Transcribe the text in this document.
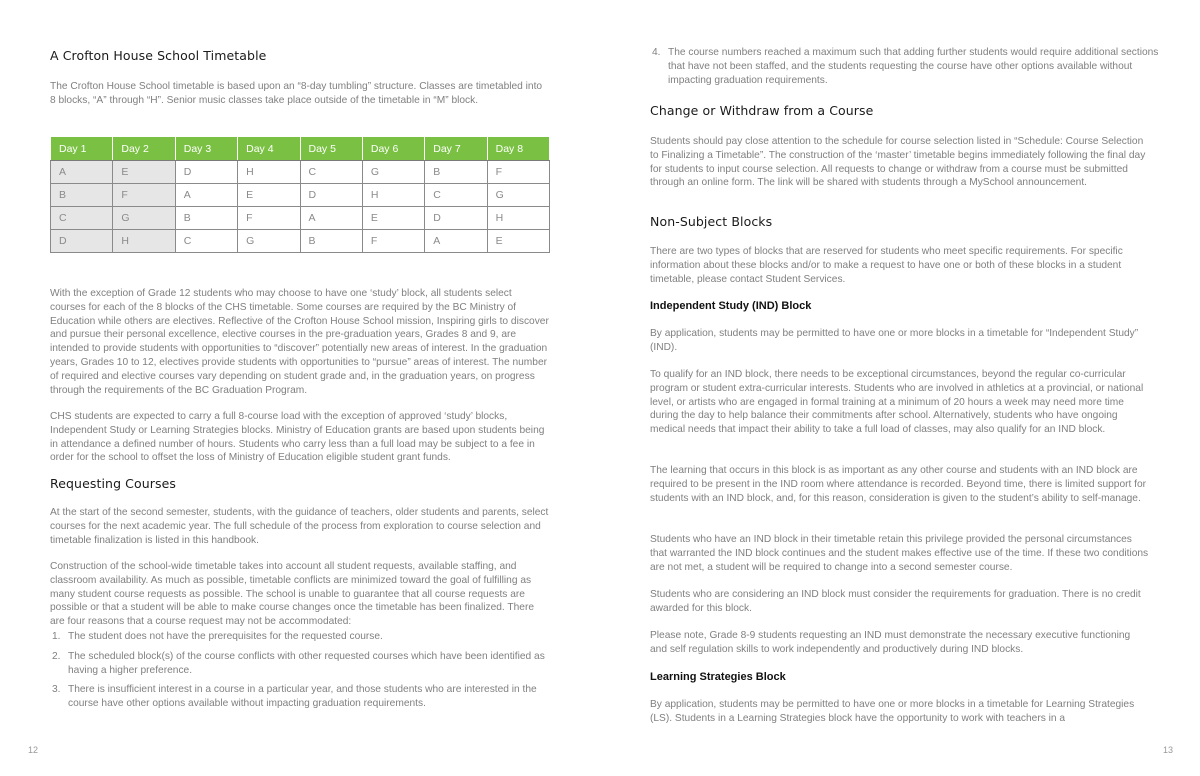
A Crofton House School Timetable

The Crofton House School timetable is based upon an “8-day tumbling” structure. Classes are timetabled into 8 blocks, “A” through “H”. Senior music classes take place outside of the timetable in “M” block.

Day 1	Day 2	Day 3	Day 4	Day 5	Day 6	Day 7	Day 8
A	E	D	H	C	G	B	F
B	F	A	E	D	H	C	G
C	G	B	F	A	E	D	H
D	H	C	G	B	F	A	E

With the exception of Grade 12 students who may choose to have one ‘study’ block, all students select courses for each of the 8 blocks of the CHS timetable. Some courses are required by the BC Ministry of Education while others are electives. Reflective of the Crofton House School mission, Inspiring girls to discover and pursue their personal excellence, elective courses in the pre-graduation years, Grades 8 and 9, are intended to provide students with opportunities to “discover” potentially new areas of interest. In the graduation years, Grades 10 to 12, electives provide students with opportunities to “pursue” areas of interest. The number of required and elective courses vary depending on student grade and, in the graduation years, on progress through the requirements of the BC Graduation Program.

CHS students are expected to carry a full 8-course load with the exception of approved ‘study’ blocks, Independent Study or Learning Strategies blocks. Ministry of Education grants are based upon students being in attendance a defined number of hours. Students who carry less than a full load may be subject to a fee in order for the school to offset the loss of Ministry of Education eligible student grant funds.

Requesting Courses

At the start of the second semester, students, with the guidance of teachers, older students and parents, select courses for the next academic year. The full schedule of the process from exploration to course selection and timetable finalization is listed in this handbook.

Construction of the school-wide timetable takes into account all student requests, available staffing, and classroom availability. As much as possible, timetable conflicts are minimized toward the goal of fulfilling as many student course requests as possible. The school is unable to guarantee that all course requests are possible or that a student will be able to make course changes once the timetable has been finalized. There are four reasons that a course request may not be accommodated:

1. The student does not have the prerequisites for the requested course.
2. The scheduled block(s) of the course conflicts with other requested courses which have been identified as having a higher preference.
3. There is insufficient interest in a course in a particular year, and those students who are interested in the course have other options available without impacting graduation requirements.
12
4. The course numbers reached a maximum such that adding further students would require additional sections that have not been staffed, and the students requesting the course have other options available without impacting graduation requirements.
Change or Withdraw from a Course

Students should pay close attention to the schedule for course selection listed in “Schedule: Course Selection to Finalizing a Timetable”. The construction of the ‘master’ timetable begins immediately following the final day for students to input course selection. All requests to change or withdraw from a course must be submitted through an online form. The link will be shared with students through a MySchool announcement.

Non-Subject Blocks

There are two types of blocks that are reserved for students who meet specific requirements. For specific information about these blocks and/or to make a request to have one or both of these blocks in a student timetable, please contact Student Services.

Independent Study (IND) Block

By application, students may be permitted to have one or more blocks in a timetable for “Independent Study” (IND).

To qualify for an IND block, there needs to be exceptional circumstances, beyond the regular co-curricular program or student extra-curricular interests. Students who are involved in athletics at a provincial, or national level, or artists who are engaged in formal training at a minimum of 20 hours a week may need more time during the day to help balance their commitments after school. Alternatively, students who have ongoing medical needs that impact their ability to take a full load of classes, may also qualify for an IND block.

The learning that occurs in this block is as important as any other course and students with an IND block are required to be present in the IND room where attendance is recorded. Beyond time, there is limited support for students with an IND block, and, for this reason, consideration is given to the student’s ability to self-manage.

Students who have an IND block in their timetable retain this privilege provided the personal circumstances that warranted the IND block continues and the student makes effective use of the time. If these two conditions are not met, a student will be required to change into a second semester course.

Students who are considering an IND block must consider the requirements for graduation. There is no credit awarded for this block.

Please note, Grade 8-9 students requesting an IND must demonstrate the necessary executive functioning and self regulation skills to work independently and productively during IND blocks.

Learning Strategies Block

By application, students may be permitted to have one or more blocks in a timetable for Learning Strategies (LS). Students in a Learning Strategies block have the opportunity to work with teachers in a

13
